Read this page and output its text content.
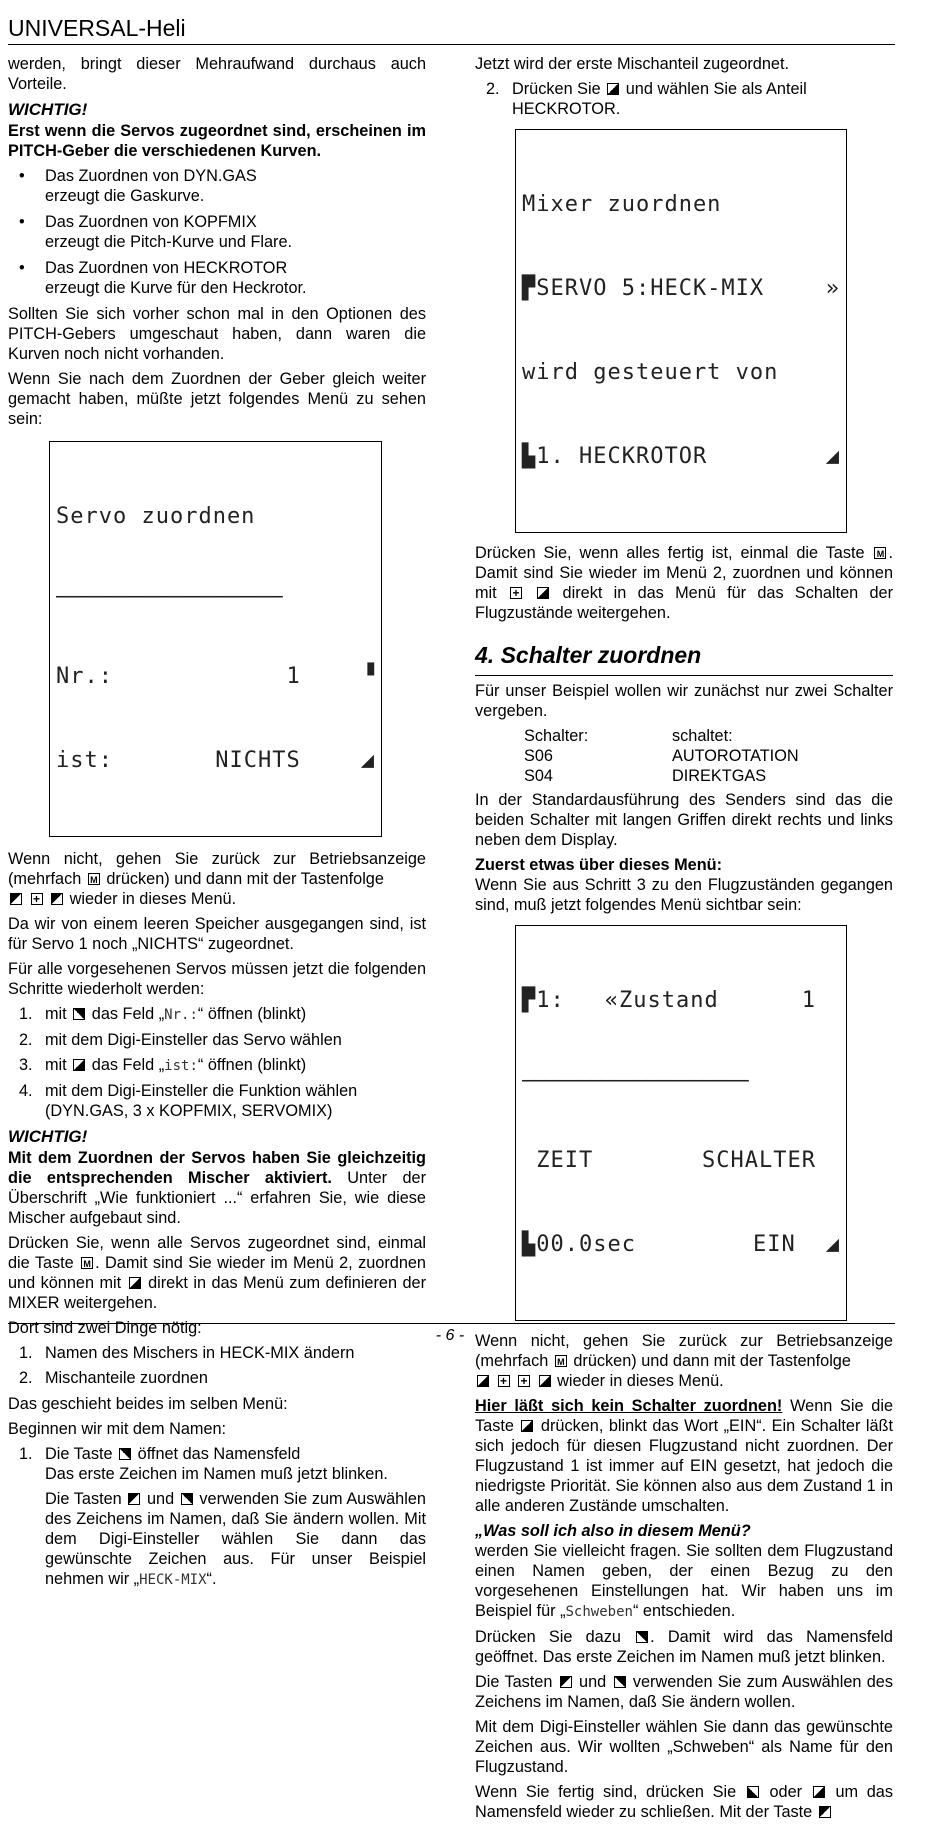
UNIVERSAL-Heli

werden, bringt dieser Mehraufwand durchaus auch Vorteile.

WICHTIG!

Erst wenn die Servos zugeordnet sind, erscheinen im PITCH-Geber die verschiedenen Kurven.

• Das Zuordnen von DYN.GAS
erzeugt die Gaskurve.
• Das Zuordnen von KOPFMIX
erzeugt die Pitch-Kurve und Flare.
• Das Zuordnen von HECKROTOR
erzeugt die Kurve für den Heckrotor.

Sollten Sie sich vorher schon mal in den Optionen des PITCH-Gebers umgeschaut haben, dann waren die Kurven noch nicht vorhanden.

Wenn Sie nach dem Zuordnen der Geber gleich weiter gemacht haben, müßte jetzt folgendes Menü zu sehen sein:

Servo zuordnen

––––––––––––––––––––

Nr.:	1	▝

ist:	NICHTS	◢

Wenn nicht, gehen Sie zurück zur Betriebsanzeige (mehrfach M drücken) und dann mit der Tastenfolge
+  wieder in dieses Menü.

Da wir von einem leeren Speicher ausgegangen sind, ist für Servo 1 noch „NICHTS“ zugeordnet.

Für alle vorgesehenen Servos müssen jetzt die folgenden Schritte wiederholt werden:

1. mit das Feld „Nr.:“ öffnen (blinkt)
2. mit dem Digi-Einsteller das Servo wählen
3. mit das Feld „ist:“ öffnen (blinkt)
4. mit dem Digi-Einsteller die Funktion wählen (DYN.GAS, 3 x KOPFMIX, SERVOMIX)
WICHTIG!

Mit dem Zuordnen der Servos haben Sie gleichzeitig die entsprechenden Mischer aktiviert. Unter der Überschrift „Wie funktioniert ...“ erfahren Sie, wie diese Mischer aufgebaut sind.

Drücken Sie, wenn alle Servos zugeordnet sind, einmal die Taste M . Damit sind Sie wieder im Menü 2, zuordnen und können mit direkt in das Menü zum definieren der MIXER weitergehen.

Dort sind zwei Dinge nötig:

1. Namen des Mischers in HECK-MIX ändern
2. Mischanteile zuordnen

Das geschieht beides im selben Menü:

Beginnen wir mit dem Namen:

1. Die Taste öffnet das Namensfeld
Das erste Zeichen im Namen muß jetzt blinken.

Die Tasten und verwenden Sie zum Auswählen des Zeichens im Namen, daß Sie ändern wollen. Mit dem Digi-Einsteller wählen Sie dann das gewünschte Zeichen aus. Für unser Beispiel nehmen wir „HECK-MIX“.

Jetzt wird der erste Mischanteil zugeordnet.

2. Drücken Sie und wählen Sie als Anteil HECKROTOR.

Mixer zuordnen

▛SERVO 5:HECK-MIX	»

wird gesteuert von

▙1. HECKROTOR	◢

Drücken Sie, wenn alles fertig ist, einmal die Taste M . Damit sind Sie wieder im Menü 2, zuordnen und können mit +	direkt in das Menü für das Schalten der Flugzustände weitergehen.

4. Schalter zuordnen

Für unser Beispiel wollen wir zunächst nur zwei Schalter vergeben.

Schalter:	schaltet:
S06	AUTOROTATION
S04	DIREKTGAS

In der Standardausführung des Senders sind das die beiden Schalter mit langen Griffen direkt rechts und links neben dem Display.

Zuerst etwas über dieses Menü:

Wenn Sie aus Schritt 3 zu den Flugzuständen gegangen sind, muß jetzt folgendes Menü sichtbar sein:

▛1: «Zustand	1

––––––––––––––––––––

ZEIT	SCHALTER

▙00.0sec	EIN ◢

Wenn nicht, gehen Sie zurück zur Betriebsanzeige (mehrfach M drücken) und dann mit der Tastenfolge
+ +  wieder in dieses Menü.

Hier läßt sich kein Schalter zuordnen! Wenn Sie die Taste drücken, blinkt das Wort „EIN“. Ein Schalter läßt sich jedoch für diesen Flugzustand nicht zuordnen. Der Flugzustand 1 ist immer auf EIN gesetzt, hat jedoch die niedrigste Priorität. Sie können also aus dem Zustand 1 in alle anderen Zustände umschalten.

„Was soll ich also in diesem Menü?

werden Sie vielleicht fragen. Sie sollten dem Flugzustand einen Namen geben, der einen Bezug zu den vorgesehenen Einstellungen hat. Wir haben uns im Beispiel für „Schweben“ entschieden.

Drücken Sie dazu . Damit wird das Namensfeld geöffnet. Das erste Zeichen im Namen muß jetzt blinken.

Die Tasten und verwenden Sie zum Auswählen des Zeichens im Namen, daß Sie ändern wollen.

Mit dem Digi-Einsteller wählen Sie dann das gewünschte Zeichen aus. Wir wollten „Schweben“ als Name für den Flugzustand.

Wenn Sie fertig sind, drücken Sie oder um das Namensfeld wieder zu schließen. Mit der Taste

- 6 -
